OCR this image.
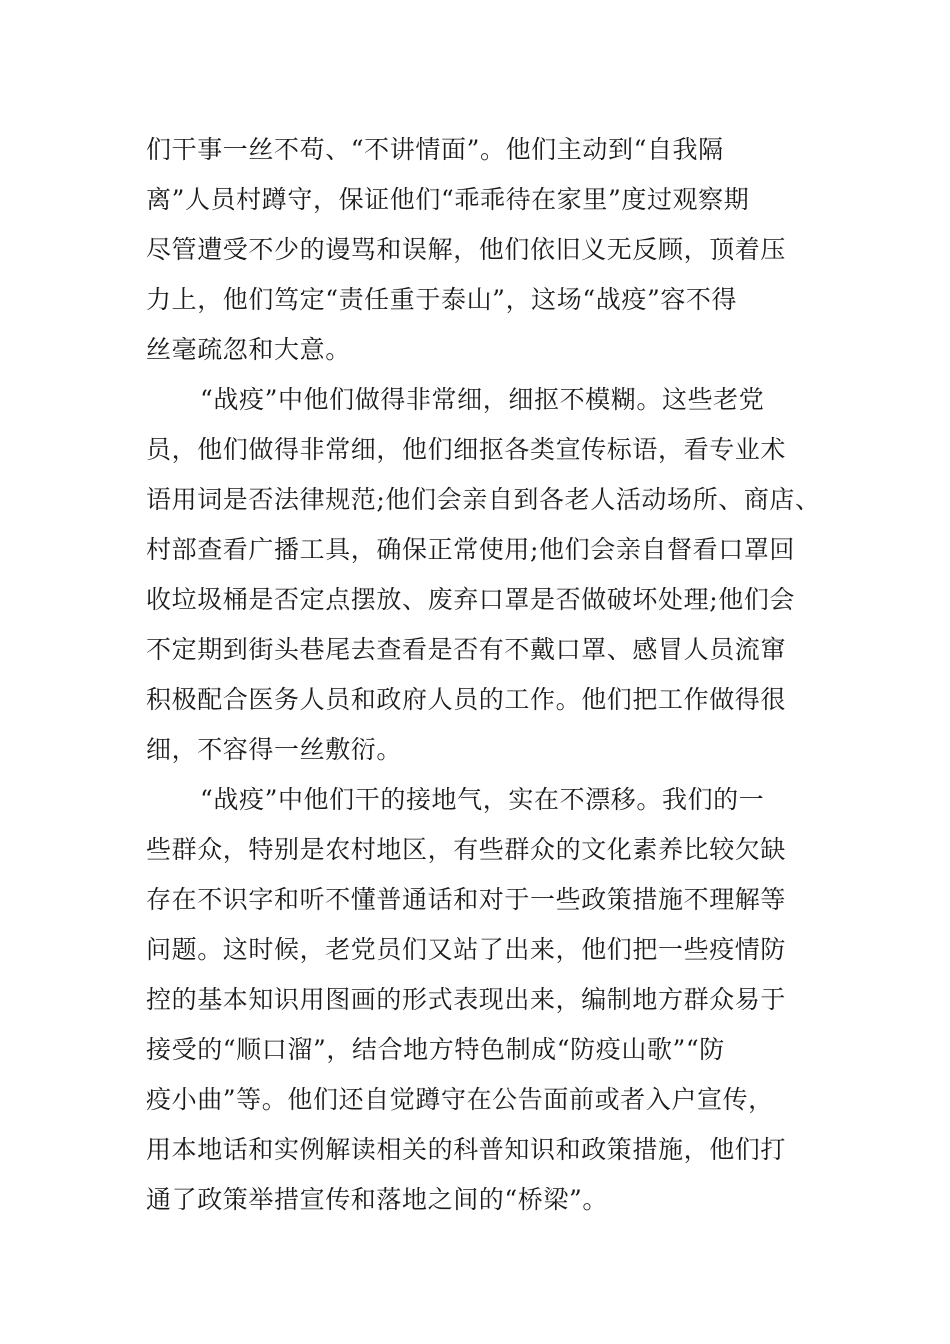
们干事一丝不苟、“不讲情面”。他们主动到“自我隔
离”人员村蹲守，保证他们“乖乖待在家里”度过观察期
尽管遭受不少的谩骂和误解，他们依旧义无反顾，顶着压
力上，他们笃定“责任重于泰山”，这场“战疫”容不得
丝毫疏忽和大意。
“战疫”中他们做得非常细，细抠不模糊。这些老党
员，他们做得非常细，他们细抠各类宣传标语，看专业术
语用词是否法律规范;他们会亲自到各老人活动场所、商店、
村部查看广播工具，确保正常使用;他们会亲自督看口罩回
收垃圾桶是否定点摆放、废弃口罩是否做破坏处理;他们会
不定期到街头巷尾去查看是否有不戴口罩、感冒人员流窜
积极配合医务人员和政府人员的工作。他们把工作做得很
细，不容得一丝敷衍。
“战疫”中他们干的接地气，实在不漂移。我们的一
些群众，特别是农村地区，有些群众的文化素养比较欠缺
存在不识字和听不懂普通话和对于一些政策措施不理解等
问题。这时候，老党员们又站了出来，他们把一些疫情防
控的基本知识用图画的形式表现出来，编制地方群众易于
接受的“顺口溜”，结合地方特色制成“防疫山歌”“防
疫小曲”等。他们还自觉蹲守在公告面前或者入户宣传，
用本地话和实例解读相关的科普知识和政策措施，他们打
通了政策举措宣传和落地之间的“桥梁”。
